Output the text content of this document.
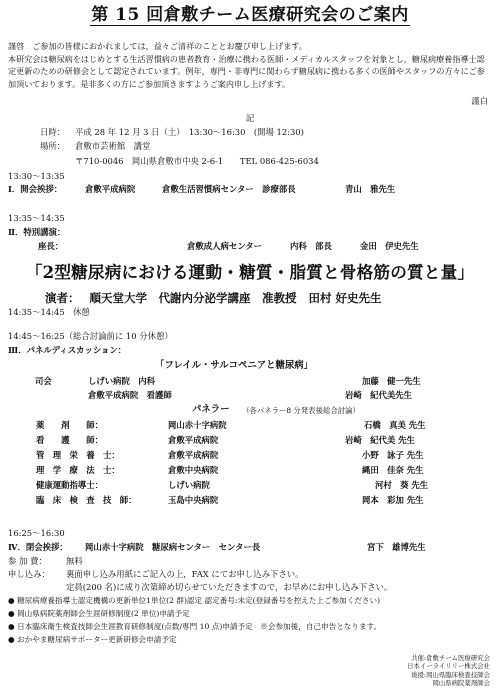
第 15 回倉敷チーム医療研究会のご案内
謹啓　ご参加の皆様におかれましては，益々ご清祥のこととお慶び申し上げます。
本研究会は糖尿病をはじめとする生活習慣病の患者教育・治療に携わる医師・メディカルスタッフを対象とし，糖尿病療養指導士認定更新のための研修会として認定されています。例年，専門・非専門に関わらず糖尿病に携わる多くの医師やスタッフの方々にご参加頂いております。是非多くの方にご参加頂きますようご案内申し上げます。
謹白
記
日時： 平成 28 年 12 月 3 日（土）　13:30～16:30　(開場 12:30)
場所： 倉敷市芸術館　講堂
〒710-0046　岡山県倉敷市中央 2-6-1　　TEL 086-425-6034
13:30～13:35
Ⅰ．開会挨拶：	倉敷平成病院	倉敷生活習慣病センター　診療部長	青山　雅先生
13:35～14:35
Ⅱ．特別講演：
座長：	倉敷成人病センター	内科　部長	金田　伊史先生
「2型糖尿病における運動・糖質・脂質と骨格筋の質と量」
演者： 順天堂大学　代謝内分泌学講座　准教授 田村 好史先生
14:35～14:45　休憩
14:45～16:25（総合討論前に 10 分休憩）
Ⅲ．パネルディスカッション：
「フレイル・サルコペニアと糖尿病」
司会	しげい病院　内科	加藤　健一先生
倉敷平成病院　看護師	岩崎　紀代美先生
パネラー （各パネラー8 分発表後総合討論）
薬　　剤　　師：	岡山赤十字病院	石橋　真美 先生
看　　護　　師：	倉敷平成病院	岩崎　紀代美 先生
管　理　栄　養　士：	倉敷平成病院	小野　詠子 先生
理　学　療　法　士：	倉敷中央病院	縄田　佳奈 先生
健康運動指導士：	しげい病院	河村　葵 先生
臨　床　検　査　技　師：	玉島中央病院	岡本　彩加 先生
16:25～16:30
Ⅳ．閉会挨拶： 岡山赤十字病院　糖尿病センター　センター長	宮下　雄博先生
参 加 費： 無料
申し込み： 裏面申し込み用紙にご記入の上，FAX にてお申し込み下さい。
定員(200 名)に成り次第締め切らせていただきますので，お早めにお申し込み下さい。
● 糖尿病療養指導士認定機構の更新単位1単位(2 群)認定 認定番号:未定(登録番号を控えた上ご参加ください)
● 岡山県病院薬剤師会生涯研修制度(2 単位)申請予定
● 日本臨床衛生検査技師会生涯教育研修制度(点数/専門 10 点)申請予定　※会参加後，自己申告となります。
● おかやま糖尿病サポーター更新研修会申請予定
共催:倉敷チーム医療研究会
日本イーライリリー株式会社
後援:岡山県臨床検査技師会
岡山県病院薬剤師会
